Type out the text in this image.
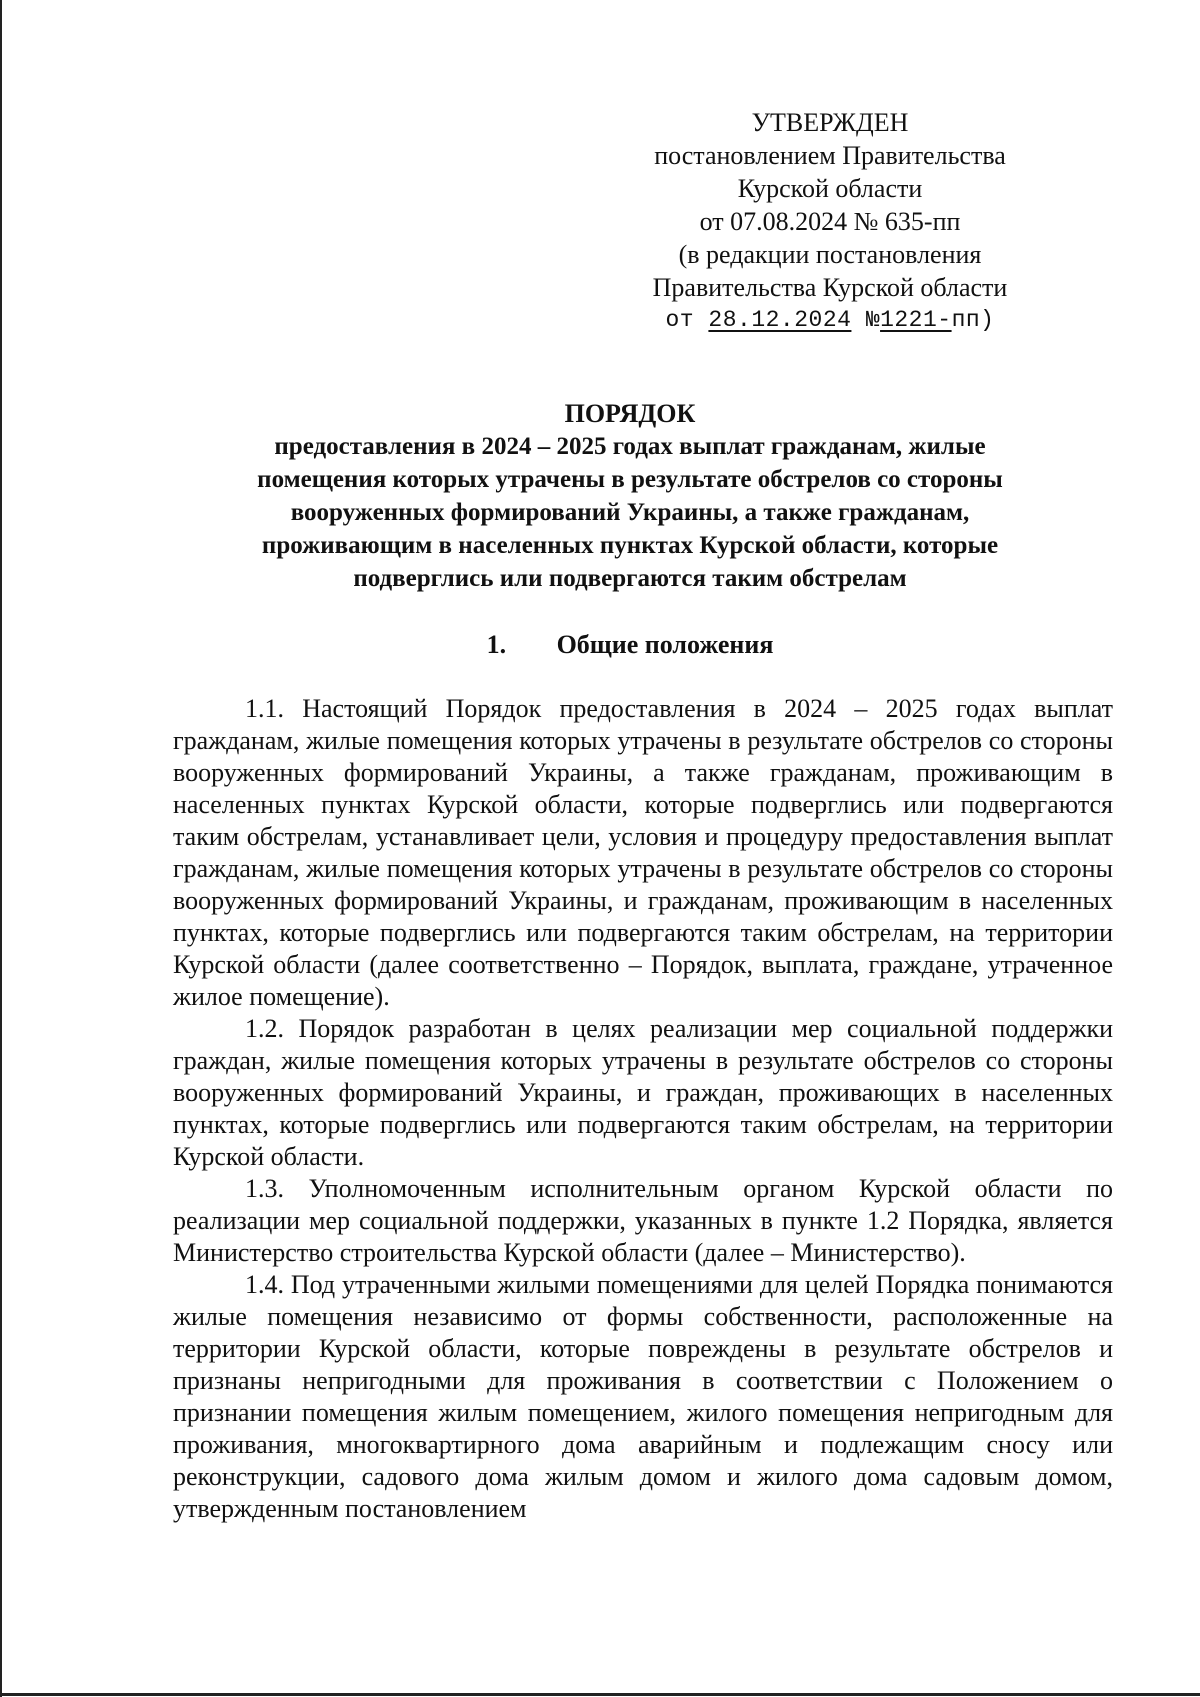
УТВЕРЖДЕН
постановлением Правительства
Курской области
от 07.08.2024 № 635-пп
(в редакции постановления
Правительства Курской области
от 28.12.2024 №1221-пп)
ПОРЯДОК
предоставления в 2024 – 2025 годах выплат гражданам, жилые
помещения которых утрачены в результате обстрелов со стороны
вооруженных формирований Украины, а также гражданам,
проживающим в населенных пунктах Курской области, которые
подверглись или подвергаются таким обстрелам
1. Общие положения

1.1. Настоящий Порядок предоставления в 2024 – 2025 годах выплат гражданам, жилые помещения которых утрачены в результате обстрелов со стороны вооруженных формирований Украины, а также гражданам, проживающим в населенных пунктах Курской области, которые подверглись или подвергаются таким обстрелам, устанавливает цели, условия и процедуру предоставления выплат гражданам, жилые помещения которых утрачены в результате обстрелов со стороны вооруженных формирований Украины, и гражданам, проживающим в населенных пунктах, которые подверглись или подвергаются таким обстрелам, на территории Курской области (далее соответственно – Порядок, выплата, граждане, утраченное жилое помещение).

1.2. Порядок разработан в целях реализации мер социальной поддержки граждан, жилые помещения которых утрачены в результате обстрелов со стороны вооруженных формирований Украины, и граждан, проживающих в населенных пунктах, которые подверглись или подвергаются таким обстрелам, на территории Курской области.

1.3. Уполномоченным исполнительным органом Курской области по реализации мер социальной поддержки, указанных в пункте 1.2 Порядка, является Министерство строительства Курской области (далее – Министерство).

1.4. Под утраченными жилыми помещениями для целей Порядка понимаются жилые помещения независимо от формы собственности, расположенные на территории Курской области, которые повреждены в результате обстрелов и признаны непригодными для проживания в соответствии с Положением о признании помещения жилым помещением, жилого помещения непригодным для проживания, многоквартирного дома аварийным и подлежащим сносу или реконструкции, садового дома жилым домом и жилого дома садовым домом, утвержденным постановлением
